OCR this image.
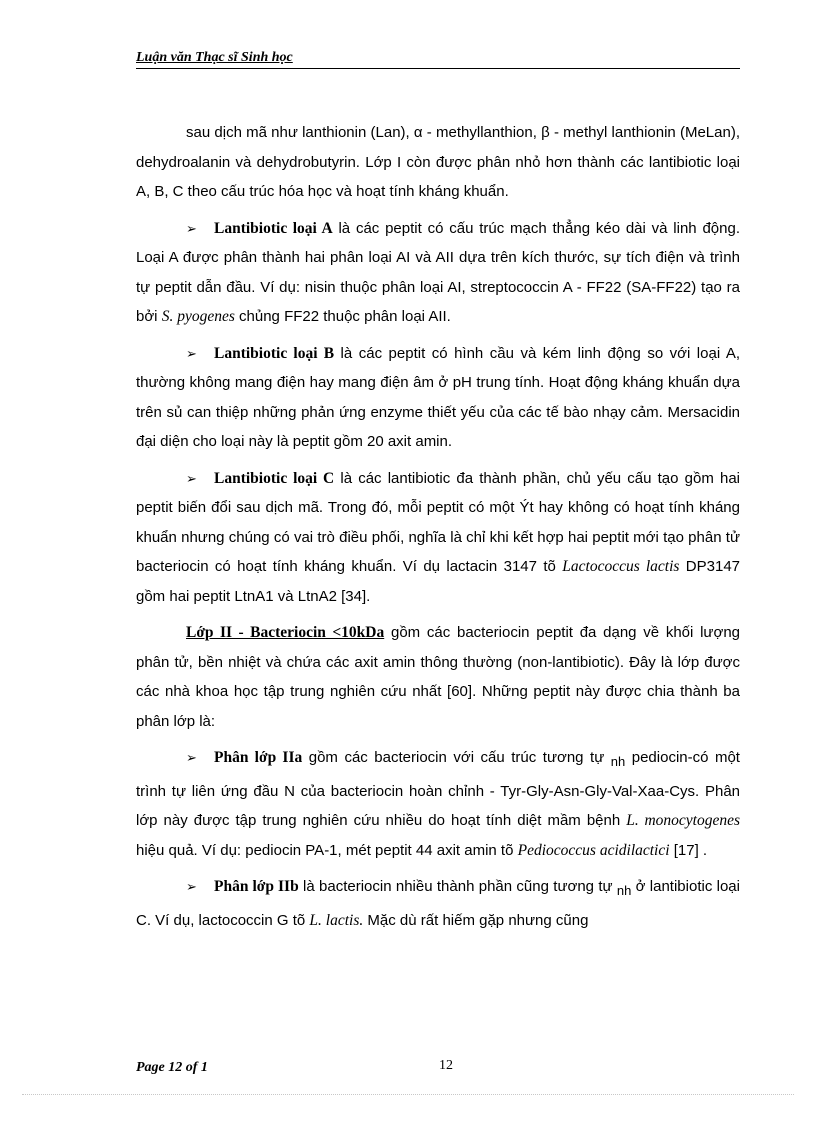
Luận văn Thạc sĩ Sinh học

sau dịch mã như lanthionin (Lan), α - methyllanthion, β - methyl lanthionin (MeLan), dehydroalanin và dehydrobutyrin. Lớp I còn được phân nhỏ hơn thành các lantibiotic loại A, B, C theo cấu trúc hóa học và hoạt tính kháng khuẩn.

➢ Lantibiotic loại A là các peptit có cấu trúc mạch thẳng kéo dài và linh động. Loại A được phân thành hai phân loại AI và AII dựa trên kích thước, sự tích điện và trình tự peptit dẫn đầu. Ví dụ: nisin thuộc phân loại AI, streptococcin A - FF22 (SA-FF22) tạo ra bởi S. pyogenes chủng FF22 thuộc phân loại AII.

➢ Lantibiotic loại B là các peptit có hình cầu và kém linh động so với loại A, thường không mang điện hay mang điện âm ở pH trung tính. Hoạt động kháng khuẩn dựa trên sủ can thiệp những phản ứng enzyme thiết yếu của các tế bào nhạy cảm. Mersacidin đại diện cho loại này là peptit gồm 20 axit amin.

➢ Lantibiotic loại C là các lantibiotic đa thành phần, chủ yếu cấu tạo gồm hai peptit biến đổi sau dịch mã. Trong đó, mỗi peptit có một Ýt hay không có hoạt tính kháng khuẩn nhưng chúng có vai trò điều phối, nghĩa là chỉ khi kết hợp hai peptit mới tạo phân tử bacteriocin có hoạt tính kháng khuẩn. Ví dụ lactacin 3147 tõ Lactococcus lactis DP3147 gồm hai peptit LtnA1 và LtnA2 [34].

Lớp II - Bacteriocin <10kDa gồm các bacteriocin peptit đa dạng về khối lượng phân tử, bền nhiệt và chứa các axit amin thông thường (non-lantibiotic). Đây là lớp được các nhà khoa học tập trung nghiên cứu nhất [60]. Những peptit này được chia thành ba phân lớp là:

➢ Phân lớp IIa gồm các bacteriocin với cấu trúc tương tự $_{nh}$ pediocin-có một trình tự liên ứng đầu N của bacteriocin hoàn chỉnh - Tyr-Gly-Asn-Gly-Val-Xaa-Cys. Phân lớp này được tập trung nghiên cứu nhiều do hoạt tính diệt mầm bệnh L. monocytogenes hiệu quả. Ví dụ: pediocin PA-1, mét peptit 44 axit amin tõ Pediococcus acidilactici [17] .

➢ Phân lớp IIb là bacteriocin nhiều thành phần cũng tương tự $_{nh}$ ở lantibiotic loại C. Ví dụ, lactococcin G tõ L. lactis. Mặc dù rất hiếm gặp nhưng cũng

Page 12 of 1	12
